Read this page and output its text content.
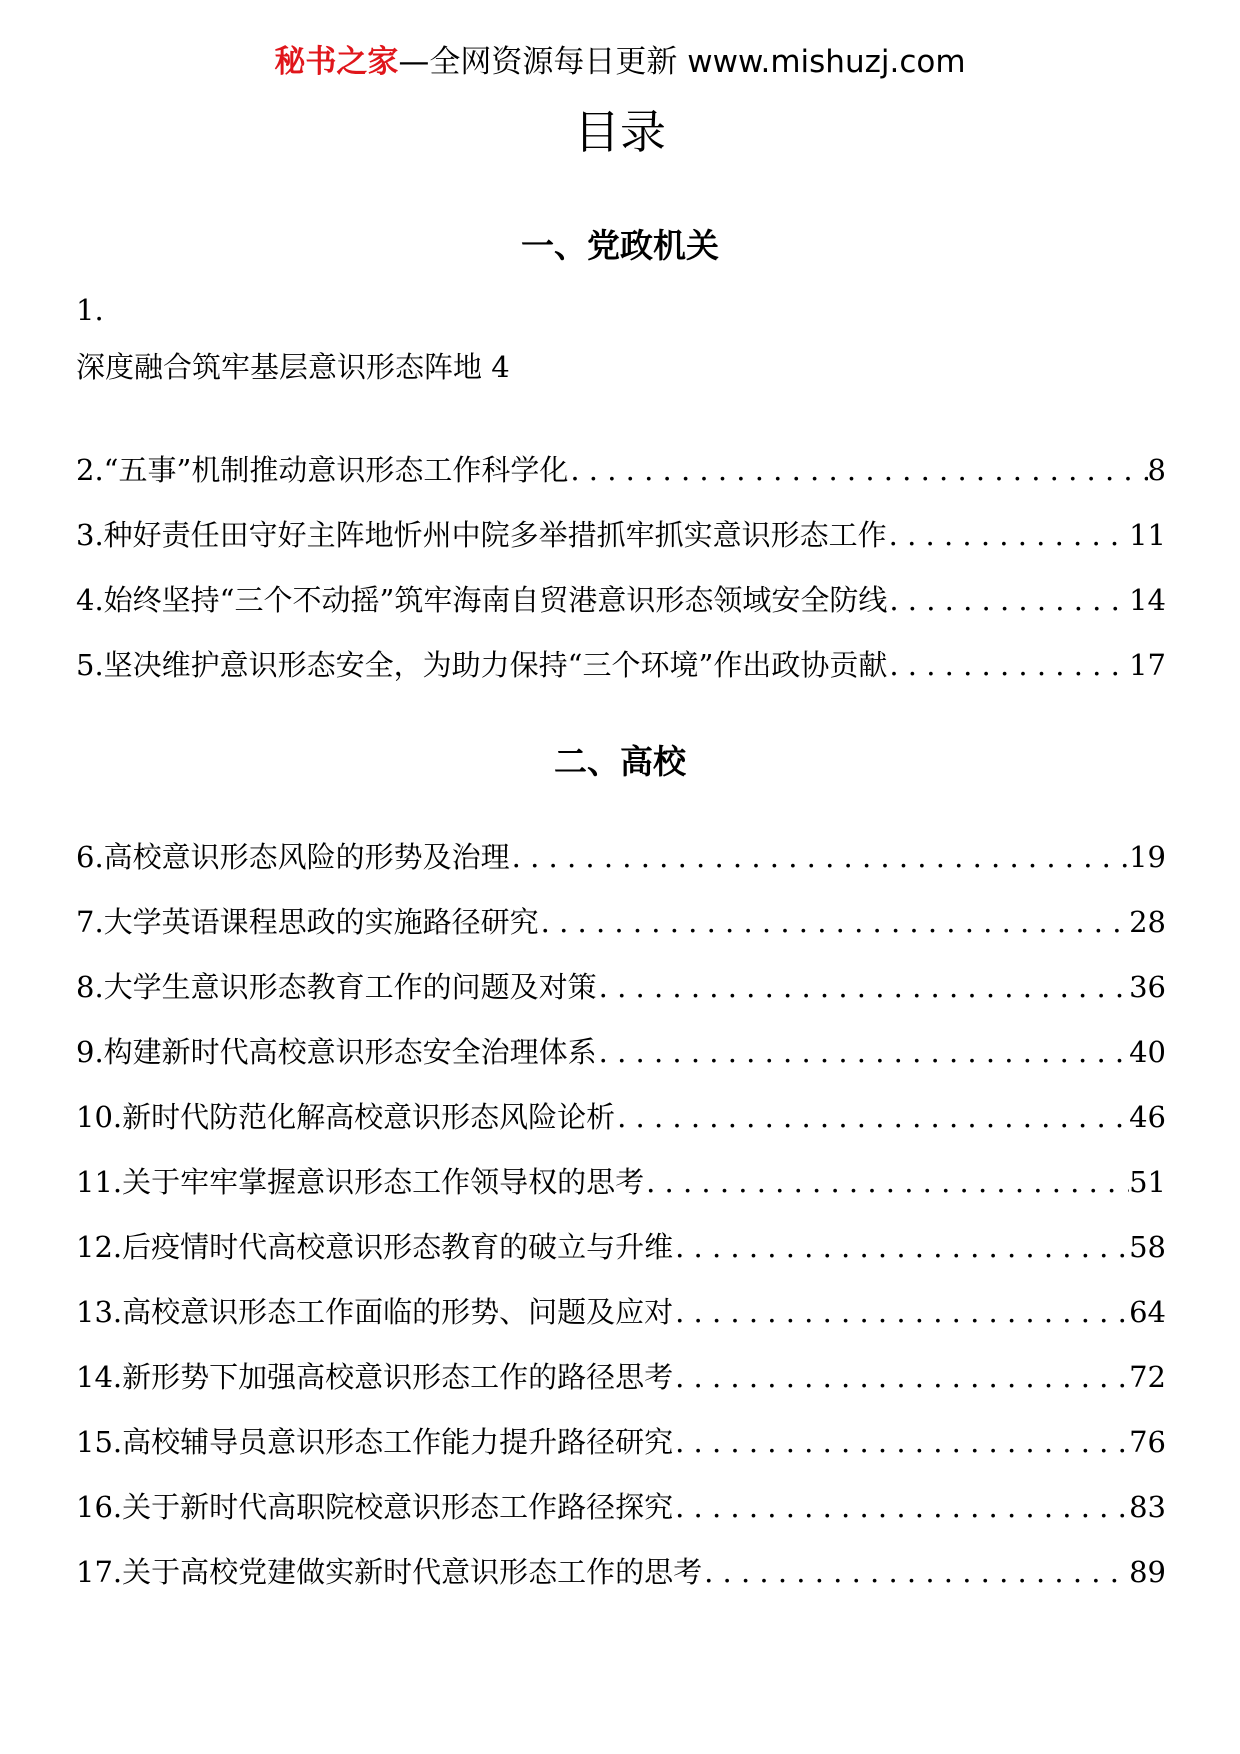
秘书之家—全网资源每日更新 www.mishuzj.com
目录
一、党政机关
1.
深度融合筑牢基层意识形态阵地 4
2.“五事”机制推动意识形态工作科学化 . . .	8
3.种好责任田守好主阵地忻州中院多举措抓牢抓实意识形态工作 . . .	11
4.始终坚持“三个不动摇”筑牢海南自贸港意识形态领域安全防线 . . .	14
5.坚决维护意识形态安全，为助力保持“三个环境”作出政协贡献 . . .	17
二、高校
6.高校意识形态风险的形势及治理 . . .	19
7.大学英语课程思政的实施路径研究 . . .	28
8.大学生意识形态教育工作的问题及对策 . . .	36
9.构建新时代高校意识形态安全治理体系 . . .	40
10.新时代防范化解高校意识形态风险论析 . . .	46
11.关于牢牢掌握意识形态工作领导权的思考 . . .	51
12.后疫情时代高校意识形态教育的破立与升维 . . .	58
13.高校意识形态工作面临的形势、问题及应对 . . .	64
14.新形势下加强高校意识形态工作的路径思考 . . .	72
15.高校辅导员意识形态工作能力提升路径研究 . . .	76
16.关于新时代高职院校意识形态工作路径探究 . . .	83
17.关于高校党建做实新时代意识形态工作的思考 . . .	89
